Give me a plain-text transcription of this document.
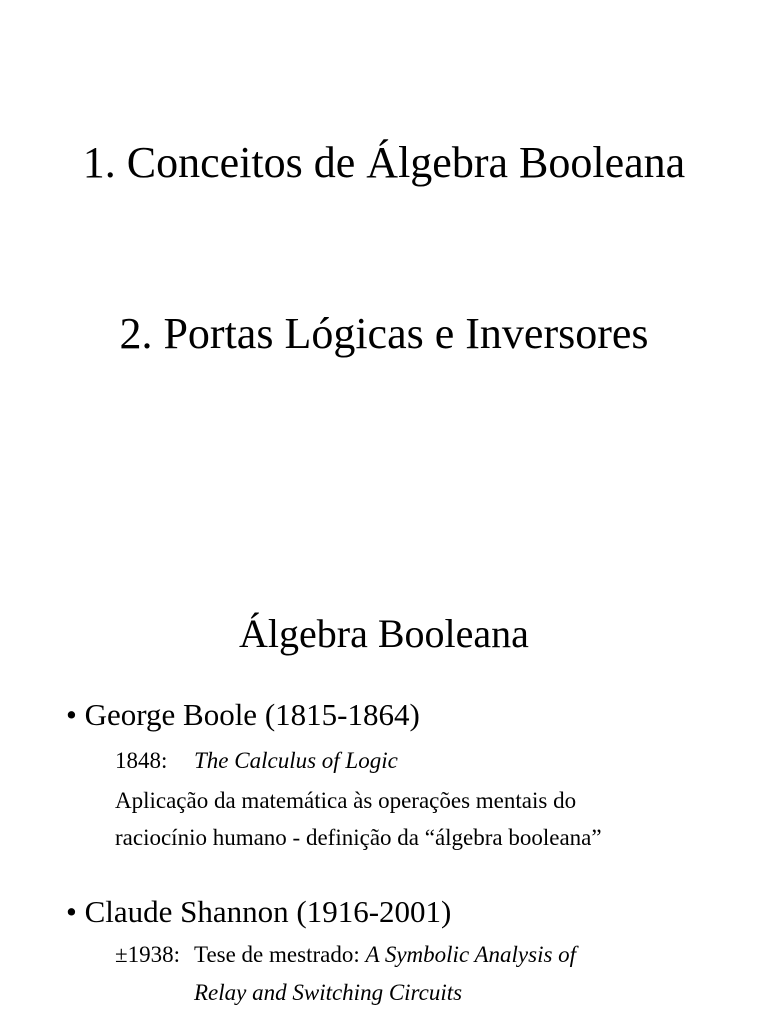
1. Conceitos de Álgebra Booleana
2. Portas Lógicas e Inversores
Álgebra Booleana
• George Boole (1815-1864)
1848: The Calculus of Logic
Aplicação da matemática às operações mentais do
raciocínio humano - definição da “álgebra booleana”
• Claude Shannon (1916-2001)
±1938: Tese de mestrado: A Symbolic Analysis of
Relay and Switching Circuits
